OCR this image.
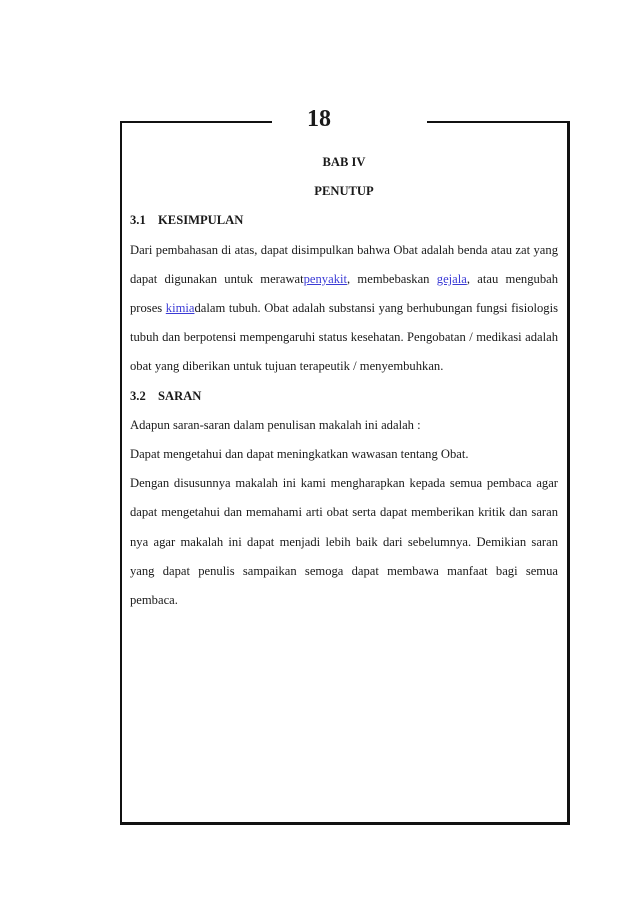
18
BAB IV
PENUTUP
3.1 KESIMPULAN

Dari pembahasan di atas, dapat disimpulkan bahwa Obat adalah benda atau zat yang dapat digunakan untuk merawatpenyakit, membebaskan gejala, atau mengubah proses kimiadalam tubuh. Obat adalah substansi yang berhubungan fungsi fisiologis tubuh dan berpotensi mempengaruhi status kesehatan. Pengobatan / medikasi adalah obat yang diberikan untuk tujuan terapeutik / menyembuhkan.

3.2 SARAN

Adapun saran-saran dalam penulisan makalah ini adalah :

Dapat mengetahui dan dapat meningkatkan wawasan tentang Obat.

Dengan disusunnya makalah ini kami mengharapkan kepada semua pembaca agar dapat mengetahui dan memahami arti obat serta dapat memberikan kritik dan saran nya agar makalah ini dapat menjadi lebih baik dari sebelumnya. Demikian saran yang dapat penulis sampaikan semoga dapat membawa manfaat bagi semua pembaca.
